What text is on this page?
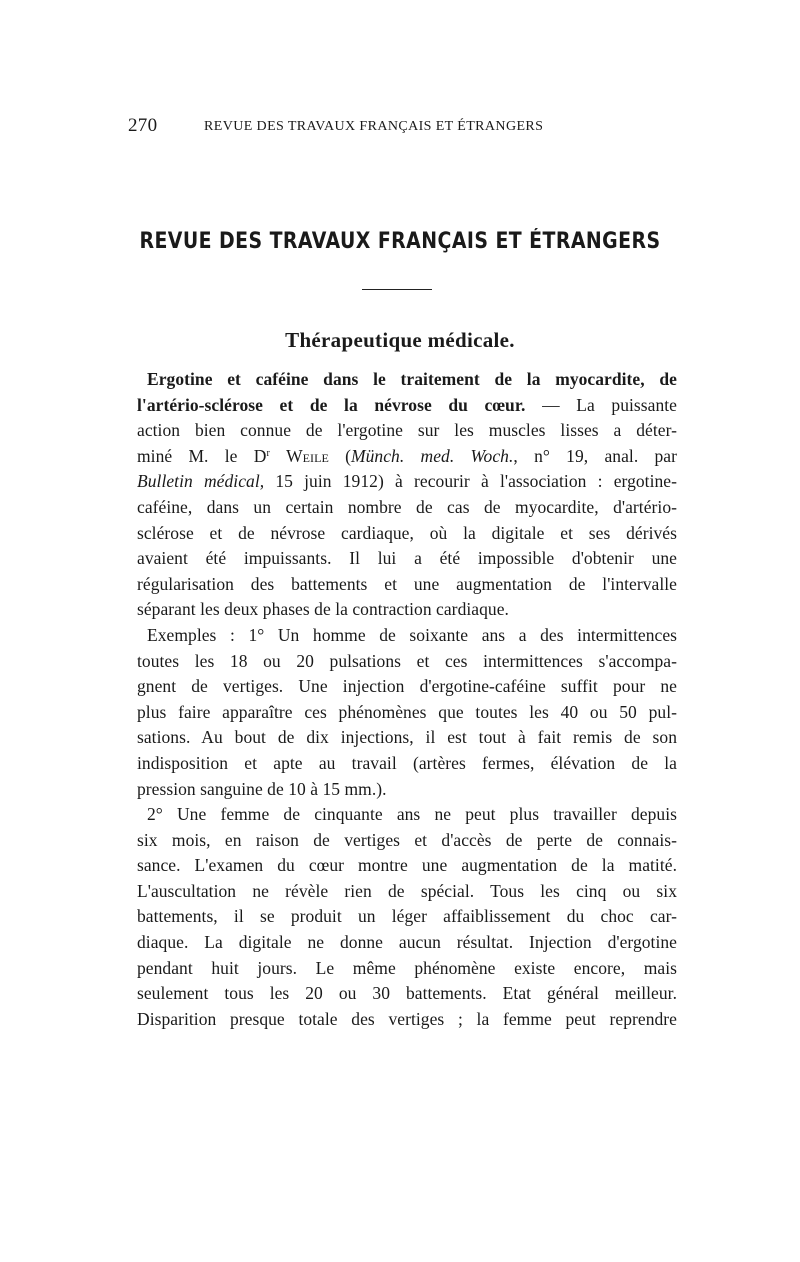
270	REVUE DES TRAVAUX FRANÇAIS ET ÉTRANGERS
REVUE DES TRAVAUX FRANÇAIS ET ÉTRANGERS
Thérapeutique médicale.
Ergotine et caféine dans le traitement de la myocardite, de
l'artério-sclérose et de la névrose du cœur. — La puissante
action bien connue de l'ergotine sur les muscles lisses a déter-
miné M. le $D^r$ Weile (Münch. med. Woch., n° 19, anal. par
Bulletin médical, 15 juin 1912) à recourir à l'association : ergotine-
caféine, dans un certain nombre de cas de myocardite, d'artério-
sclérose et de névrose cardiaque, où la digitale et ses dérivés
avaient été impuissants. Il lui a été impossible d'obtenir une
régularisation des battements et une augmentation de l'intervalle
séparant les deux phases de la contraction cardiaque.
Exemples : 1° Un homme de soixante ans a des intermittences
toutes les 18 ou 20 pulsations et ces intermittences s'accompa-
gnent de vertiges. Une injection d'ergotine-caféine suffit pour ne
plus faire apparaître ces phénomènes que toutes les 40 ou 50 pul-
sations. Au bout de dix injections, il est tout à fait remis de son
indisposition et apte au travail (artères fermes, élévation de la
pression sanguine de 10 à 15 mm.).
2° Une femme de cinquante ans ne peut plus travailler depuis
six mois, en raison de vertiges et d'accès de perte de connais-
sance. L'examen du cœur montre une augmentation de la matité.
L'auscultation ne révèle rien de spécial. Tous les cinq ou six
battements, il se produit un léger affaiblissement du choc car-
diaque. La digitale ne donne aucun résultat. Injection d'ergotine
pendant huit jours. Le même phénomène existe encore, mais
seulement tous les 20 ou 30 battements. Etat général meilleur.
Disparition presque totale des vertiges ; la femme peut reprendre
